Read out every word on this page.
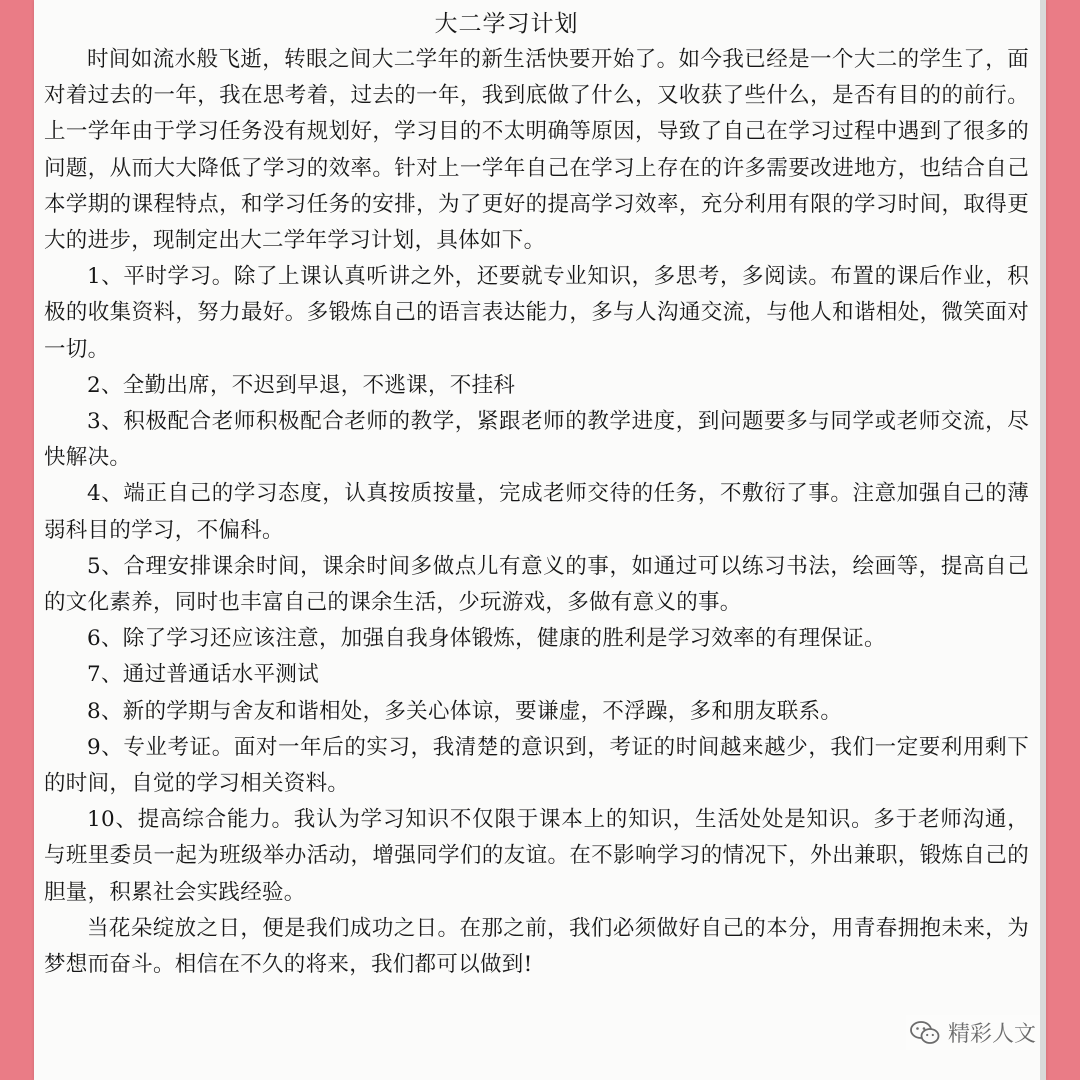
大二学习计划

时间如流水般飞逝，转眼之间大二学年的新生活快要开始了。如今我已经是一个大二的学生了，面对着过去的一年，我在思考着，过去的一年，我到底做了什么，又收获了些什么，是否有目的的前行。上一学年由于学习任务没有规划好，学习目的不太明确等原因，导致了自己在学习过程中遇到了很多的问题，从而大大降低了学习的效率。针对上一学年自己在学习上存在的许多需要改进地方，也结合自己本学期的课程特点，和学习任务的安排，为了更好的提高学习效率，充分利用有限的学习时间，取得更大的进步，现制定出大二学年学习计划，具体如下。

1、平时学习。除了上课认真听讲之外，还要就专业知识，多思考，多阅读。布置的课后作业，积极的收集资料，努力最好。多锻炼自己的语言表达能力，多与人沟通交流，与他人和谐相处，微笑面对一切。

2、全勤出席，不迟到早退，不逃课，不挂科

3、积极配合老师积极配合老师的教学，紧跟老师的教学进度，到问题要多与同学或老师交流，尽快解决。

4、端正自己的学习态度，认真按质按量，完成老师交待的任务，不敷衍了事。注意加强自己的薄弱科目的学习，不偏科。

5、合理安排课余时间，课余时间多做点儿有意义的事，如通过可以练习书法，绘画等，提高自己的文化素养，同时也丰富自己的课余生活，少玩游戏，多做有意义的事。

6、除了学习还应该注意，加强自我身体锻炼，健康的胜利是学习效率的有理保证。

7、通过普通话水平测试

8、新的学期与舍友和谐相处，多关心体谅，要谦虚，不浮躁，多和朋友联系。

9、专业考证。面对一年后的实习，我清楚的意识到，考证的时间越来越少，我们一定要利用剩下的时间，自觉的学习相关资料。

10、提高综合能力。我认为学习知识不仅限于课本上的知识，生活处处是知识。多于老师沟通，与班里委员一起为班级举办活动，增强同学们的友谊。在不影响学习的情况下，外出兼职，锻炼自己的胆量，积累社会实践经验。

当花朵绽放之日，便是我们成功之日。在那之前，我们必须做好自己的本分，用青春拥抱未来，为梦想而奋斗。相信在不久的将来，我们都可以做到!

精彩人文
